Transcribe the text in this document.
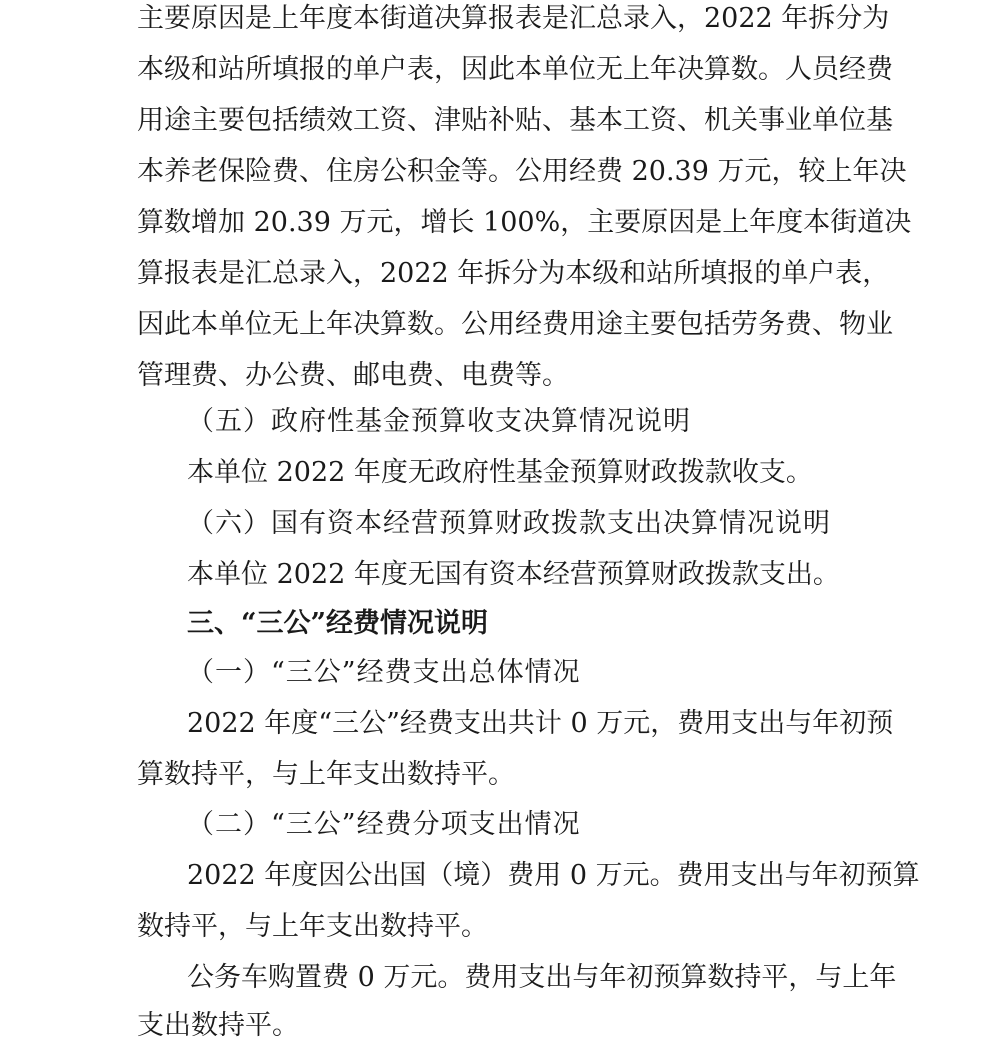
主要原因是上年度本街道决算报表是汇总录入，2022 年拆分为
本级和站所填报的单户表，因此本单位无上年决算数。人员经费
用途主要包括绩效工资、津贴补贴、基本工资、机关事业单位基
本养老保险费、住房公积金等。公用经费 20.39 万元，较上年决
算数增加 20.39 万元，增长 100%，主要原因是上年度本街道决
算报表是汇总录入，2022 年拆分为本级和站所填报的单户表，
因此本单位无上年决算数。公用经费用途主要包括劳务费、物业
管理费、办公费、邮电费、电费等。
（五）政府性基金预算收支决算情况说明
本单位 2022 年度无政府性基金预算财政拨款收支。
（六）国有资本经营预算财政拨款支出决算情况说明
本单位 2022 年度无国有资本经营预算财政拨款支出。
三、“三公”经费情况说明
（一）“三公”经费支出总体情况
2022 年度“三公”经费支出共计 0 万元，费用支出与年初预
算数持平，与上年支出数持平。
（二）“三公”经费分项支出情况
2022 年度因公出国（境）费用 0 万元。费用支出与年初预算
数持平，与上年支出数持平。
公务车购置费 0 万元。费用支出与年初预算数持平，与上年
支出数持平。
